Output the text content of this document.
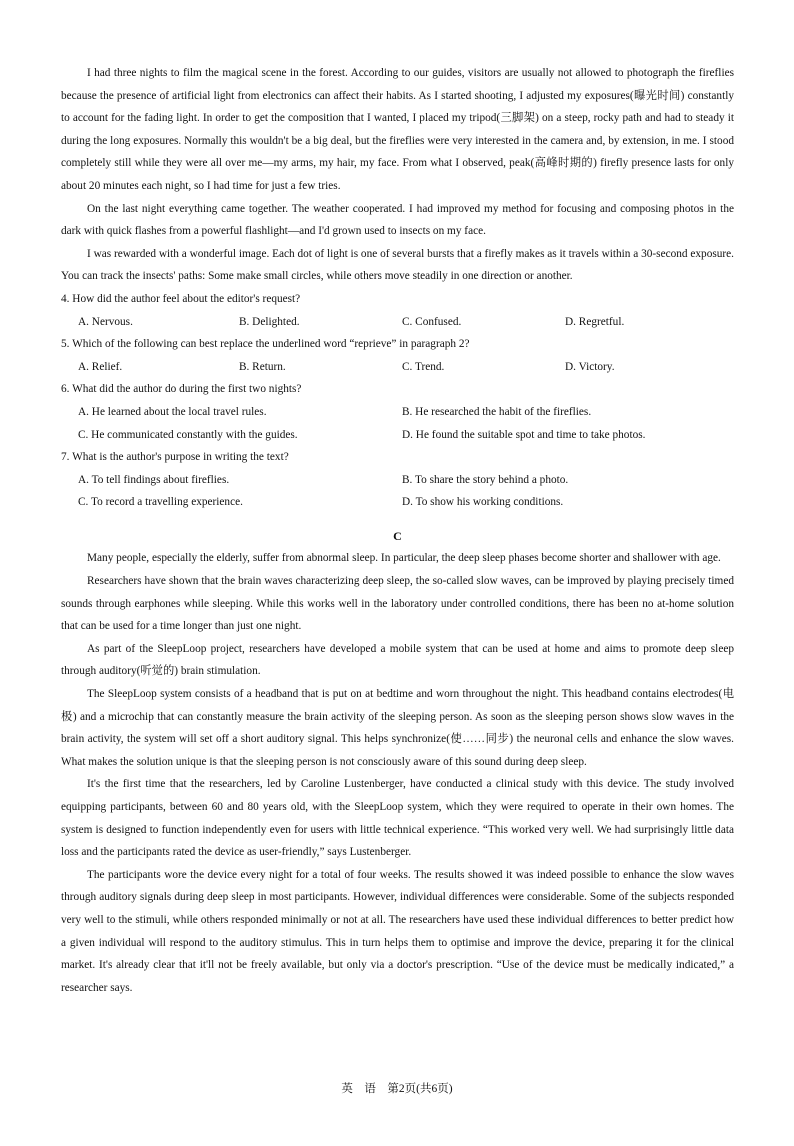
I had three nights to film the magical scene in the forest. According to our guides, visitors are usually not allowed to photograph the fireflies because the presence of artificial light from electronics can affect their habits. As I started shooting, I adjusted my exposures(曝光时间) constantly to account for the fading light. In order to get the composition that I wanted, I placed my tripod(三脚架) on a steep, rocky path and had to steady it during the long exposures. Normally this wouldn't be a big deal, but the fireflies were very interested in the camera and, by extension, in me. I stood completely still while they were all over me—my arms, my hair, my face. From what I observed, peak(高峰时期的) firefly presence lasts for only about 20 minutes each night, so I had time for just a few tries.

On the last night everything came together. The weather cooperated. I had improved my method for focusing and composing photos in the dark with quick flashes from a powerful flashlight—and I'd grown used to insects on my face.

I was rewarded with a wonderful image. Each dot of light is one of several bursts that a firefly makes as it travels within a 30-second exposure. You can track the insects' paths: Some make small circles, while others move steadily in one direction or another.

4. How did the author feel about the editor's request?
A. Nervous.	B. Delighted.	C. Confused.	D. Regretful.
5. Which of the following can best replace the underlined word “reprieve” in paragraph 2?
A. Relief.	B. Return.	C. Trend.	D. Victory.
6. What did the author do during the first two nights?
A. He learned about the local travel rules.	B. He researched the habit of the fireflies.
C. He communicated constantly with the guides.	D. He found the suitable spot and time to take photos.
7. What is the author's purpose in writing the text?
A. To tell findings about fireflies.	B. To share the story behind a photo.
C. To record a travelling experience.	D. To show his working conditions.
C

Many people, especially the elderly, suffer from abnormal sleep. In particular, the deep sleep phases become shorter and shallower with age.

Researchers have shown that the brain waves characterizing deep sleep, the so-called slow waves, can be improved by playing precisely timed sounds through earphones while sleeping. While this works well in the laboratory under controlled conditions, there has been no at-home solution that can be used for a time longer than just one night.

As part of the SleepLoop project, researchers have developed a mobile system that can be used at home and aims to promote deep sleep through auditory(听觉的) brain stimulation.

The SleepLoop system consists of a headband that is put on at bedtime and worn throughout the night. This headband contains electrodes(电极) and a microchip that can constantly measure the brain activity of the sleeping person. As soon as the sleeping person shows slow waves in the brain activity, the system will set off a short auditory signal. This helps synchronize(使……同步) the neuronal cells and enhance the slow waves. What makes the solution unique is that the sleeping person is not consciously aware of this sound during deep sleep.

It's the first time that the researchers, led by Caroline Lustenberger, have conducted a clinical study with this device. The study involved equipping participants, between 60 and 80 years old, with the SleepLoop system, which they were required to operate in their own homes. The system is designed to function independently even for users with little technical experience. “This worked very well. We had surprisingly little data loss and the participants rated the device as user-friendly,” says Lustenberger.

The participants wore the device every night for a total of four weeks. The results showed it was indeed possible to enhance the slow waves through auditory signals during deep sleep in most participants. However, individual differences were considerable. Some of the subjects responded very well to the stimuli, while others responded minimally or not at all. The researchers have used these individual differences to better predict how a given individual will respond to the auditory stimulus. This in turn helps them to optimise and improve the device, preparing it for the clinical market. It's already clear that it'll not be freely available, but only via a doctor's prescription. “Use of the device must be medically indicated,” a researcher says.

英　语　第2页(共6页)
